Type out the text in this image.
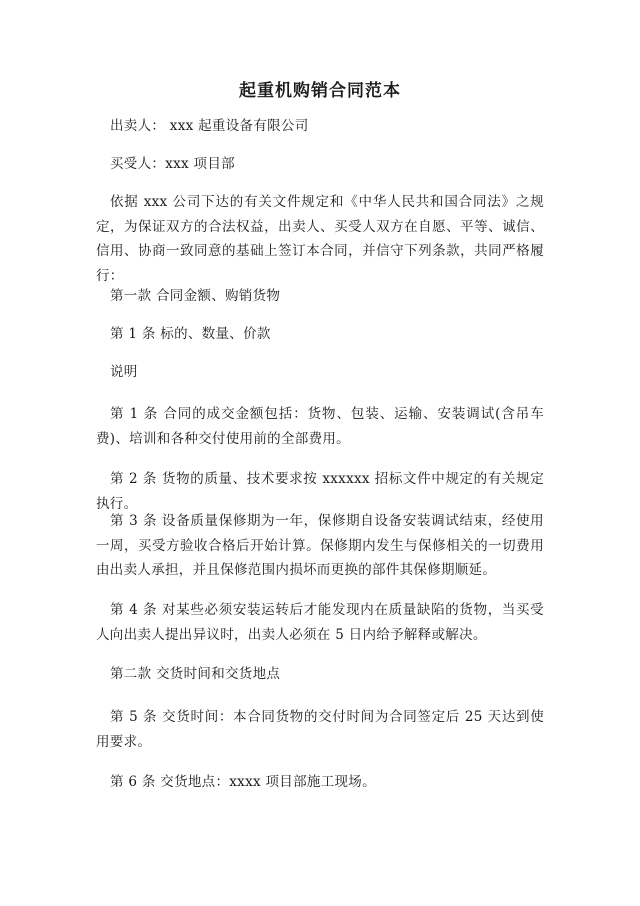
起重机购销合同范本

出卖人： xxx 起重设备有限公司

买受人：xxx 项目部

依据 xxx 公司下达的有关文件规定和《中华人民共和国合同法》之规定，为保证双方的合法权益，出卖人、买受人双方在自愿、平等、诚信、信用、协商一致同意的基础上签订本合同，并信守下列条款，共同严格履行：

第一款 合同金额、购销货物

第 1 条 标的、数量、价款

说明

第 1 条 合同的成交金额包括：货物、包装、运输、安装调试(含吊车费)、培训和各种交付使用前的全部费用。

第 2 条 货物的质量、技术要求按 xxxxxx 招标文件中规定的有关规定执行。

第 3 条 设备质量保修期为一年，保修期自设备安装调试结束，经使用一周，买受方验收合格后开始计算。保修期内发生与保修相关的一切费用由出卖人承担，并且保修范围内损坏而更换的部件其保修期顺延。

第 4 条 对某些必须安装运转后才能发现内在质量缺陷的货物，当买受人向出卖人提出异议时，出卖人必须在 5 日内给予解释或解决。

第二款 交货时间和交货地点

第 5 条 交货时间：本合同货物的交付时间为合同签定后 25 天达到使用要求。

第 6 条 交货地点：xxxx 项目部施工现场。
